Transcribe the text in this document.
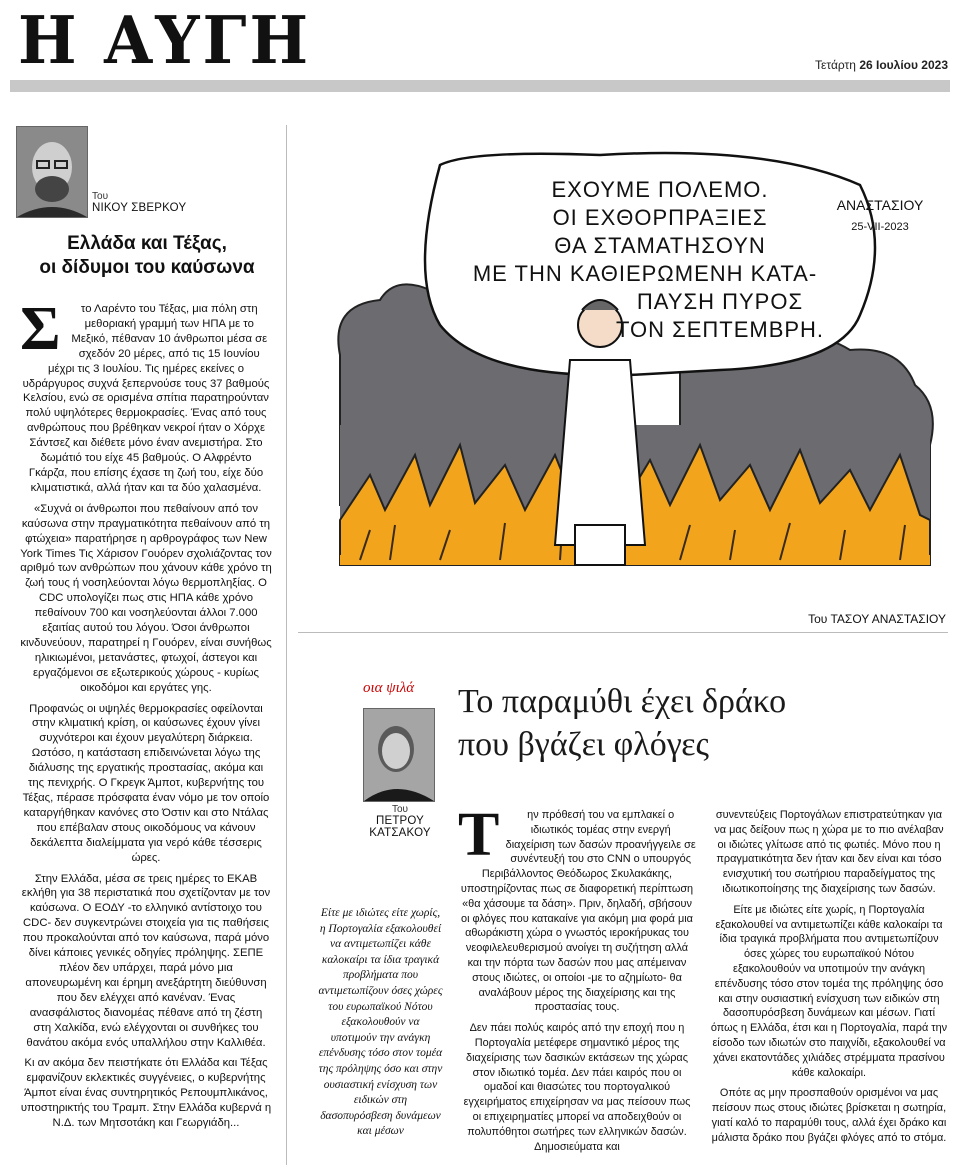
Η ΑΥΓΗ	Τετάρτη 26 Ιουλίου 2023
Του
ΝΙΚΟΥ ΣΒΕΡΚΟΥ
Ελλάδα και Τέξας,
οι δίδυμοι του καύσωνα

Σ το Λαρέντο του Τέξας, μια πόλη στη μεθοριακή γραμμή των ΗΠΑ με το Μεξικό, πέθαναν 10 άνθρωποι μέσα σε σχεδόν 20 μέρες, από τις 15 Ιουνίου μέχρι τις 3 Ιουλίου. Τις ημέρες εκείνες ο υδράργυρος συχνά ξεπερνούσε τους 37 βαθμούς Κελσίου, ενώ σε ορισμένα σπίτια παρατηρούνταν πολύ υψηλότερες θερμοκρασίες. Ένας από τους ανθρώπους που βρέθηκαν νεκροί ήταν ο Χόρχε Σάντσεζ και διέθετε μόνο έναν ανεμιστήρα. Στο δωμάτιό του είχε 45 βαθμούς. Ο Αλφρέντο Γκάρζα, που επίσης έχασε τη ζωή του, είχε δύο κλιματιστικά, αλλά ήταν και τα δύο χαλασμένα.

«Συχνά οι άνθρωποι που πεθαίνουν από τον καύσωνα στην πραγματικότητα πεθαίνουν από τη φτώχεια» παρατήρησε η αρθρογράφος των New York Times Τις Χάρισον Γουόρεν σχολιάζοντας τον αριθμό των ανθρώπων που χάνουν κάθε χρόνο τη ζωή τους ή νοσηλεύονται λόγω θερμοπληξίας. Ο CDC υπολογίζει πως στις ΗΠΑ κάθε χρόνο πεθαίνουν 700 και νοσηλεύονται άλλοι 7.000 εξαιτίας αυτού του λόγου. Όσοι άνθρωποι κινδυνεύουν, παρατηρεί η Γουόρεν, είναι συνήθως ηλικιωμένοι, μετανάστες, φτωχοί, άστεγοι και εργαζόμενοι σε εξωτερικούς χώρους - κυρίως οικοδόμοι και εργάτες γης.

Προφανώς οι υψηλές θερμοκρασίες οφείλονται στην κλιματική κρίση, οι καύσωνες έχουν γίνει συχνότεροι και έχουν μεγαλύτερη διάρκεια. Ωστόσο, η κατάσταση επιδεινώνεται λόγω της διάλυσης της εργατικής προστασίας, ακόμα και της πενιχρής. Ο Γκρεγκ Άμποτ, κυβερνήτης του Τέξας, πέρασε πρόσφατα έναν νόμο με τον οποίο καταργήθηκαν κανόνες στο Όστιν και στο Ντάλας που επέβαλαν στους οικοδόμους να κάνουν δεκάλεπτα διαλείμματα για νερό κάθε τέσσερις ώρες.

Στην Ελλάδα, μέσα σε τρεις ημέρες το ΕΚΑΒ εκλήθη για 38 περιστατικά που σχετίζονταν με τον καύσωνα. Ο ΕΟΔΥ -το ελληνικό αντίστοιχο του CDC- δεν συγκεντρώνει στοιχεία για τις παθήσεις που προκαλούνται από τον καύσωνα, παρά μόνο δίνει κάποιες γενικές οδηγίες πρόληψης. ΣΕΠΕ πλέον δεν υπάρχει, παρά μόνο μια απονευρωμένη και έρημη ανεξάρτητη διεύθυνση που δεν ελέγχει από κανέναν. Ένας ανασφάλιστος διανομέας πέθανε από τη ζέστη στη Χαλκίδα, ενώ ελέγχονται οι συνθήκες του θανάτου ακόμα ενός υπαλλήλου στην Καλλιθέα.

Κι αν ακόμα δεν πειστήκατε ότι Ελλάδα και Τέξας εμφανίζουν εκλεκτικές συγγένειες, ο κυβερνήτης Άμποτ είναι ένας συντηρητικός Ρεπουμπλικάνος, υποστηρικτής του Τραμπ. Στην Ελλάδα κυβερνά η Ν.Δ. των Μητσοτάκη και Γεωργιάδη...

ΕΧΟΥΜΕ ΠΟΛΕΜΟ.
ΟΙ ΕΧΘΟΡΠΡΑΞΙΕΣ
ΘΑ ΣΤΑΜΑΤΗΣΟΥΝ
ΜΕ ΤΗΝ ΚΑΘΙΕΡΩΜΕΝΗ ΚΑΤΑ-
ΠΑΥΣΗ ΠΥΡΟΣ
ΤΟΝ ΣΕΠΤΕΜΒΡΗ.
ΑΝΑΣΤΑΣΙΟΥ
25-VII-2023
Του ΤΑΣΟΥ ΑΝΑΣΤΑΣΙΟΥ
οια ψιλά Το παραμύθι έχει δράκο
που βγάζει φλόγες
Του
ΠΕΤΡΟΥ
ΚΑΤΣΑΚΟΥ
Είτε με ιδιώτες είτε χωρίς, η Πορτογαλία εξακολουθεί να αντιμετωπίζει κάθε καλοκαίρι τα ίδια τραγικά προβλήματα που αντιμετωπίζουν όσες χώρες του ευρωπαϊκού Νότου εξακολουθούν να υποτιμούν την ανάγκη επένδυσης τόσο στον τομέα της πρόληψης όσο και στην ουσιαστική ενίσχυση των ειδικών στη δασοπυρόσβεση δυνάμεων και μέσων

Τ	ην πρόθεσή του να εμπλακεί ο ιδιωτικός τομέας στην ενεργή διαχείριση των δασών προανήγγειλε σε συνέντευξή του στο CNN ο υπουργός Περιβάλλοντος Θεόδωρος Σκυλακάκης, υποστηρίζοντας πως σε διαφορετική περίπτωση «θα χάσουμε τα δάση». Πριν, δηλαδή, σβήσουν οι φλόγες που κατακαίνε για ακόμη μια φορά μια αθωράκιστη χώρα ο γνωστός ιεροκήρυκας του νεοφιλελευθερισμού ανοίγει τη συζήτηση αλλά και την πόρτα των δασών που μας απέμειναν στους ιδιώτες, οι οποίοι -με το αζημίωτο- θα αναλάβουν μέρος της διαχείρισης και της προστασίας τους.

Δεν πάει πολύς καιρός από την εποχή που η Πορτογαλία μετέφερε σημαντικό μέρος της διαχείρισης των δασικών εκτάσεων της χώρας στον ιδιωτικό τομέα. Δεν πάει καιρός που οι ομαδοί και θιασώτες του πορτογαλικού εγχειρήματος επιχείρησαν να μας πείσουν πως οι επιχειρηματίες μπορεί να αποδειχθούν οι πολυπόθητοι σωτήρες των ελληνικών δασών. Δημοσιεύματα και

συνεντεύξεις Πορτογάλων επιστρατεύτηκαν για να μας δείξουν πως η χώρα με το πιο ανέλαβαν οι ιδιώτες γλίτωσε από τις φωτιές. Μόνο που η πραγματικότητα δεν ήταν και δεν είναι και τόσο ενισχυτική του σωτήριου παραδείγματος της ιδιωτικοποίησης της διαχείρισης των δασών.

Είτε με ιδιώτες είτε χωρίς, η Πορτογαλία εξακολουθεί να αντιμετωπίζει κάθε καλοκαίρι τα ίδια τραγικά προβλήματα που αντιμετωπίζουν όσες χώρες του ευρωπαϊκού Νότου εξακολουθούν να υποτιμούν την ανάγκη επένδυσης τόσο στον τομέα της πρόληψης όσο και στην ουσιαστική ενίσχυση των ειδικών στη δασοπυρόσβεση δυνάμεων και μέσων. Γιατί όπως η Ελλάδα, έτσι και η Πορτογαλία, παρά την είσοδο των ιδιωτών στο παιχνίδι, εξακολουθεί να χάνει εκατοντάδες χιλιάδες στρέμματα πρασίνου κάθε καλοκαίρι.

Οπότε ας μην προσπαθούν ορισμένοι να μας πείσουν πως στους ιδιώτες βρίσκεται η σωτηρία, γιατί καλό το παραμύθι τους, αλλά έχει δράκο και μάλιστα δράκο που βγάζει φλόγες από το στόμα.
